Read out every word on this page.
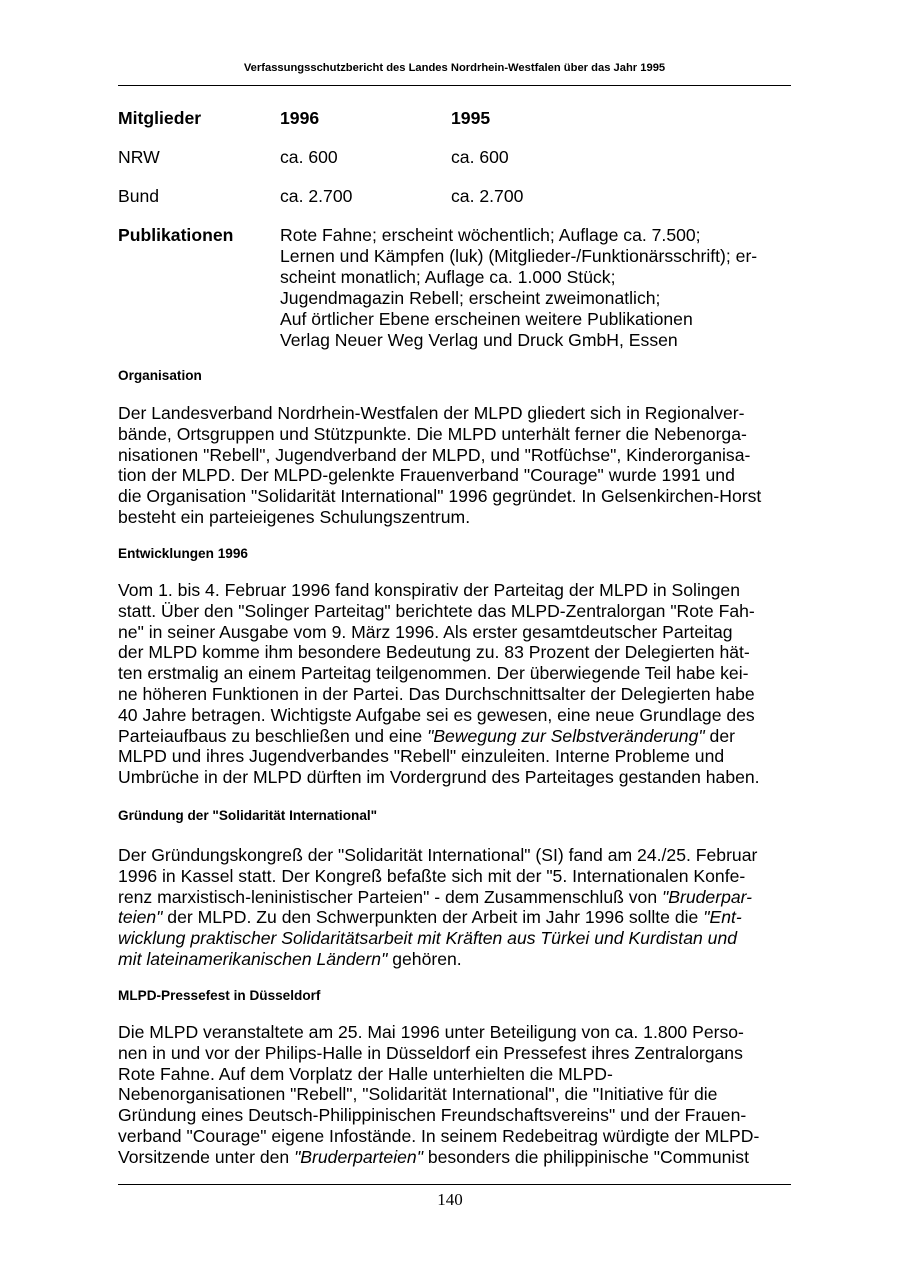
Verfassungsschutzbericht des Landes Nordrhein-Westfalen über das Jahr 1995
Mitglieder	1996	1995
NRW	ca. 600	ca. 600
Bund	ca. 2.700	ca. 2.700
Publikationen	Rote Fahne; erscheint wöchentlich; Auflage ca. 7.500;
Lernen und Kämpfen (luk) (Mitglieder-/Funktionärsschrift); er-
scheint monatlich; Auflage ca. 1.000 Stück;
Jugendmagazin Rebell; erscheint zweimonatlich;
Auf örtlicher Ebene erscheinen weitere Publikationen
Verlag Neuer Weg Verlag und Druck GmbH, Essen
Organisation
Der Landesverband Nordrhein-Westfalen der MLPD gliedert sich in Regionalver-
bände, Ortsgruppen und Stützpunkte. Die MLPD unterhält ferner die Nebenorga-
nisationen "Rebell", Jugendverband der MLPD, und "Rotfüchse", Kinderorganisa-
tion der MLPD. Der MLPD-gelenkte Frauenverband "Courage" wurde 1991 und
die Organisation "Solidarität International" 1996 gegründet. In Gelsenkirchen-Horst
besteht ein parteieigenes Schulungszentrum.
Entwicklungen 1996
Vom 1. bis 4. Februar 1996 fand konspirativ der Parteitag der MLPD in Solingen
statt. Über den "Solinger Parteitag" berichtete das MLPD-Zentralorgan "Rote Fah-
ne" in seiner Ausgabe vom 9. März 1996. Als erster gesamtdeutscher Parteitag
der MLPD komme ihm besondere Bedeutung zu. 83 Prozent der Delegierten hät-
ten erstmalig an einem Parteitag teilgenommen. Der überwiegende Teil habe kei-
ne höheren Funktionen in der Partei. Das Durchschnittsalter der Delegierten habe
40 Jahre betragen. Wichtigste Aufgabe sei es gewesen, eine neue Grundlage des
Parteiaufbaus zu beschließen und eine "Bewegung zur Selbstveränderung" der
MLPD und ihres Jugendverbandes "Rebell" einzuleiten. Interne Probleme und
Umbrüche in der MLPD dürften im Vordergrund des Parteitages gestanden haben.
Gründung der "Solidarität International"
Der Gründungskongreß der "Solidarität International" (SI) fand am 24./25. Februar
1996 in Kassel statt. Der Kongreß befaßte sich mit der "5. Internationalen Konfe-
renz marxistisch-leninistischer Parteien" - dem Zusammenschluß von "Bruderpar-
teien" der MLPD. Zu den Schwerpunkten der Arbeit im Jahr 1996 sollte die "Ent-
wicklung praktischer Solidaritätsarbeit mit Kräften aus Türkei und Kurdistan und
mit lateinamerikanischen Ländern" gehören.
MLPD-Pressefest in Düsseldorf
Die MLPD veranstaltete am 25. Mai 1996 unter Beteiligung von ca. 1.800 Perso-
nen in und vor der Philips-Halle in Düsseldorf ein Pressefest ihres Zentralorgans
Rote Fahne. Auf dem Vorplatz der Halle unterhielten die MLPD-
Nebenorganisationen "Rebell", "Solidarität International", die "Initiative für die
Gründung eines Deutsch-Philippinischen Freundschaftsvereins" und der Frauen-
verband "Courage" eigene Infostände. In seinem Redebeitrag würdigte der MLPD-
Vorsitzende unter den "Bruderparteien" besonders die philippinische "Communist
140
